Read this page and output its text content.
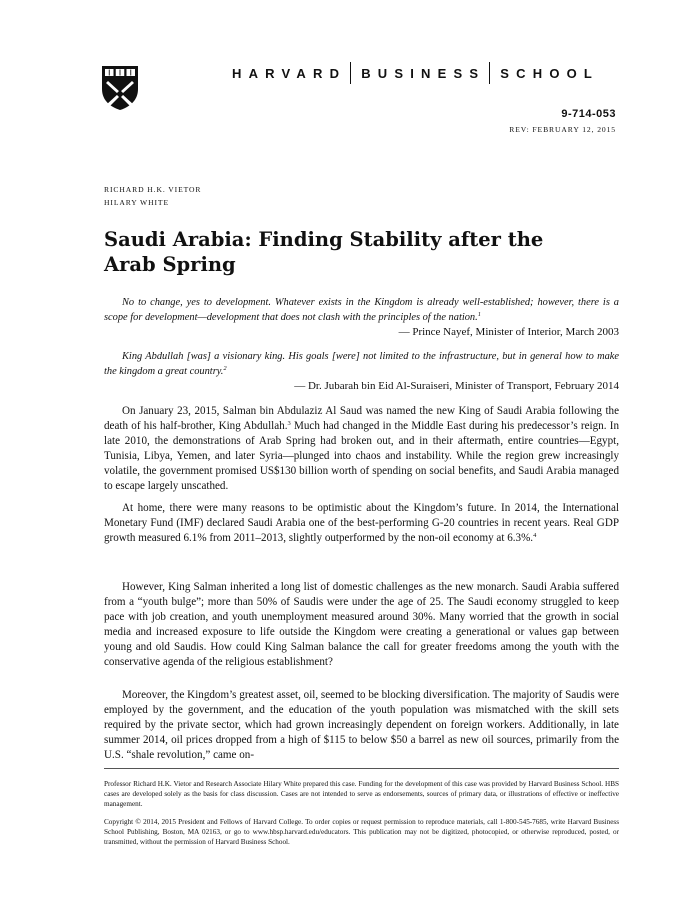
HARVARD BUSINESS SCHOOL
9-714-053
REV: FEBRUARY 12, 2015
RICHARD H.K. VIETOR
HILARY WHITE
Saudi Arabia: Finding Stability after the
Arab Spring
No to change, yes to development. Whatever exists in the Kingdom is already well-established; however, there is a scope for development—development that does not clash with the principles of the nation.$^1$
— Prince Nayef, Minister of Interior, March 2003
King Abdullah [was] a visionary king. His goals [were] not limited to the infrastructure, but in general how to make the kingdom a great country.$^2$
— Dr. Jubarah bin Eid Al-Suraiseri, Minister of Transport, February 2014

On January 23, 2015, Salman bin Abdulaziz Al Saud was named the new King of Saudi Arabia following the death of his half-brother, King Abdullah.$^3$ Much had changed in the Middle East during his predecessor’s reign. In late 2010, the demonstrations of Arab Spring had broken out, and in their aftermath, entire countries—Egypt, Tunisia, Libya, Yemen, and later Syria—plunged into chaos and instability. While the region grew increasingly volatile, the government promised US$130 billion worth of spending on social benefits, and Saudi Arabia managed to escape largely unscathed.

At home, there were many reasons to be optimistic about the Kingdom’s future. In 2014, the International Monetary Fund (IMF) declared Saudi Arabia one of the best-performing G-20 countries in recent years. Real GDP growth measured 6.1% from 2011–2013, slightly outperformed by the non-oil economy at 6.3%.$^4$

However, King Salman inherited a long list of domestic challenges as the new monarch. Saudi Arabia suffered from a “youth bulge”; more than 50% of Saudis were under the age of 25. The Saudi economy struggled to keep pace with job creation, and youth unemployment measured around 30%. Many worried that the growth in social media and increased exposure to life outside the Kingdom were creating a generational or values gap between young and old Saudis. How could King Salman balance the call for greater freedoms among the youth with the conservative agenda of the religious establishment?

Moreover, the Kingdom’s greatest asset, oil, seemed to be blocking diversification. The majority of Saudis were employed by the government, and the education of the youth population was mismatched with the skill sets required by the private sector, which had grown increasingly dependent on foreign workers. Additionally, in late summer 2014, oil prices dropped from a high of $115 to below $50 a barrel as new oil sources, primarily from the U.S. “shale revolution,” came on-

Professor Richard H.K. Vietor and Research Associate Hilary White prepared this case. Funding for the development of this case was provided by Harvard Business School. HBS cases are developed solely as the basis for class discussion. Cases are not intended to serve as endorsements, sources of primary data, or illustrations of effective or ineffective management.

Copyright © 2014, 2015 President and Fellows of Harvard College. To order copies or request permission to reproduce materials, call 1-800-545-7685, write Harvard Business School Publishing, Boston, MA 02163, or go to www.hbsp.harvard.edu/educators. This publication may not be digitized, photocopied, or otherwise reproduced, posted, or transmitted, without the permission of Harvard Business School.
